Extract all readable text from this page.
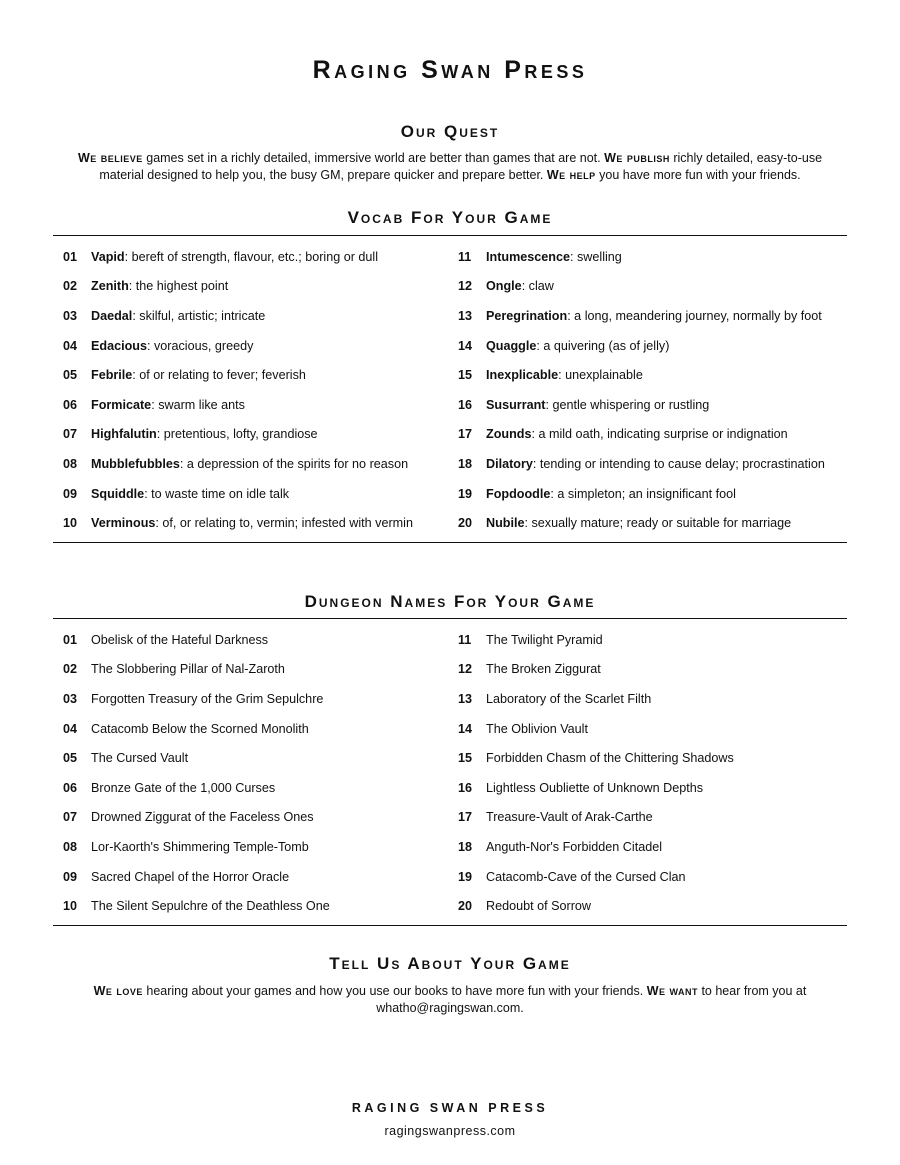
Raging Swan Press
Our Quest
We believe games set in a richly detailed, immersive world are better than games that are not. We publish richly detailed, easy-to-use material designed to help you, the busy GM, prepare quicker and prepare better. We help you have more fun with your friends.
Vocab For Your Game
01	Vapid : bereft of strength, flavour, etc.; boring or dull
02	Zenith : the highest point
03	Daedal : skilful, artistic; intricate
04	Edacious : voracious, greedy
05	Febrile : of or relating to fever; feverish
06	Formicate : swarm like ants
07	Highfalutin : pretentious, lofty, grandiose
08	Mubblefubbles : a depression of the spirits for no reason
09	Squiddle : to waste time on idle talk
10	Verminous : of, or relating to, vermin; infested with vermin
11	Intumescence : swelling
12	Ongle : claw
13	Peregrination : a long, meandering journey, normally by foot
14	Quaggle : a quivering (as of jelly)
15	Inexplicable : unexplainable
16	Susurrant : gentle whispering or rustling
17	Zounds : a mild oath, indicating surprise or indignation
18	Dilatory : tending or intending to cause delay; procrastination
19	Fopdoodle : a simpleton; an insignificant fool
20	Nubile : sexually mature; ready or suitable for marriage
Dungeon Names For Your Game
01	Obelisk of the Hateful Darkness
02	The Slobbering Pillar of Nal-Zaroth
03	Forgotten Treasury of the Grim Sepulchre
04	Catacomb Below the Scorned Monolith
05	The Cursed Vault
06	Bronze Gate of the 1,000 Curses
07	Drowned Ziggurat of the Faceless Ones
08	Lor-Kaorth's Shimmering Temple-Tomb
09	Sacred Chapel of the Horror Oracle
10	The Silent Sepulchre of the Deathless One
11	The Twilight Pyramid
12	The Broken Ziggurat
13	Laboratory of the Scarlet Filth
14	The Oblivion Vault
15	Forbidden Chasm of the Chittering Shadows
16	Lightless Oubliette of Unknown Depths
17	Treasure-Vault of Arak-Carthe
18	Anguth-Nor's Forbidden Citadel
19	Catacomb-Cave of the Cursed Clan
20	Redoubt of Sorrow
Tell Us About Your Game
We love hearing about your games and how you use our books to have more fun with your friends. We want to hear from you at whatho@ragingswan.com.
RAGING SWAN PRESS
ragingswanpress.com
